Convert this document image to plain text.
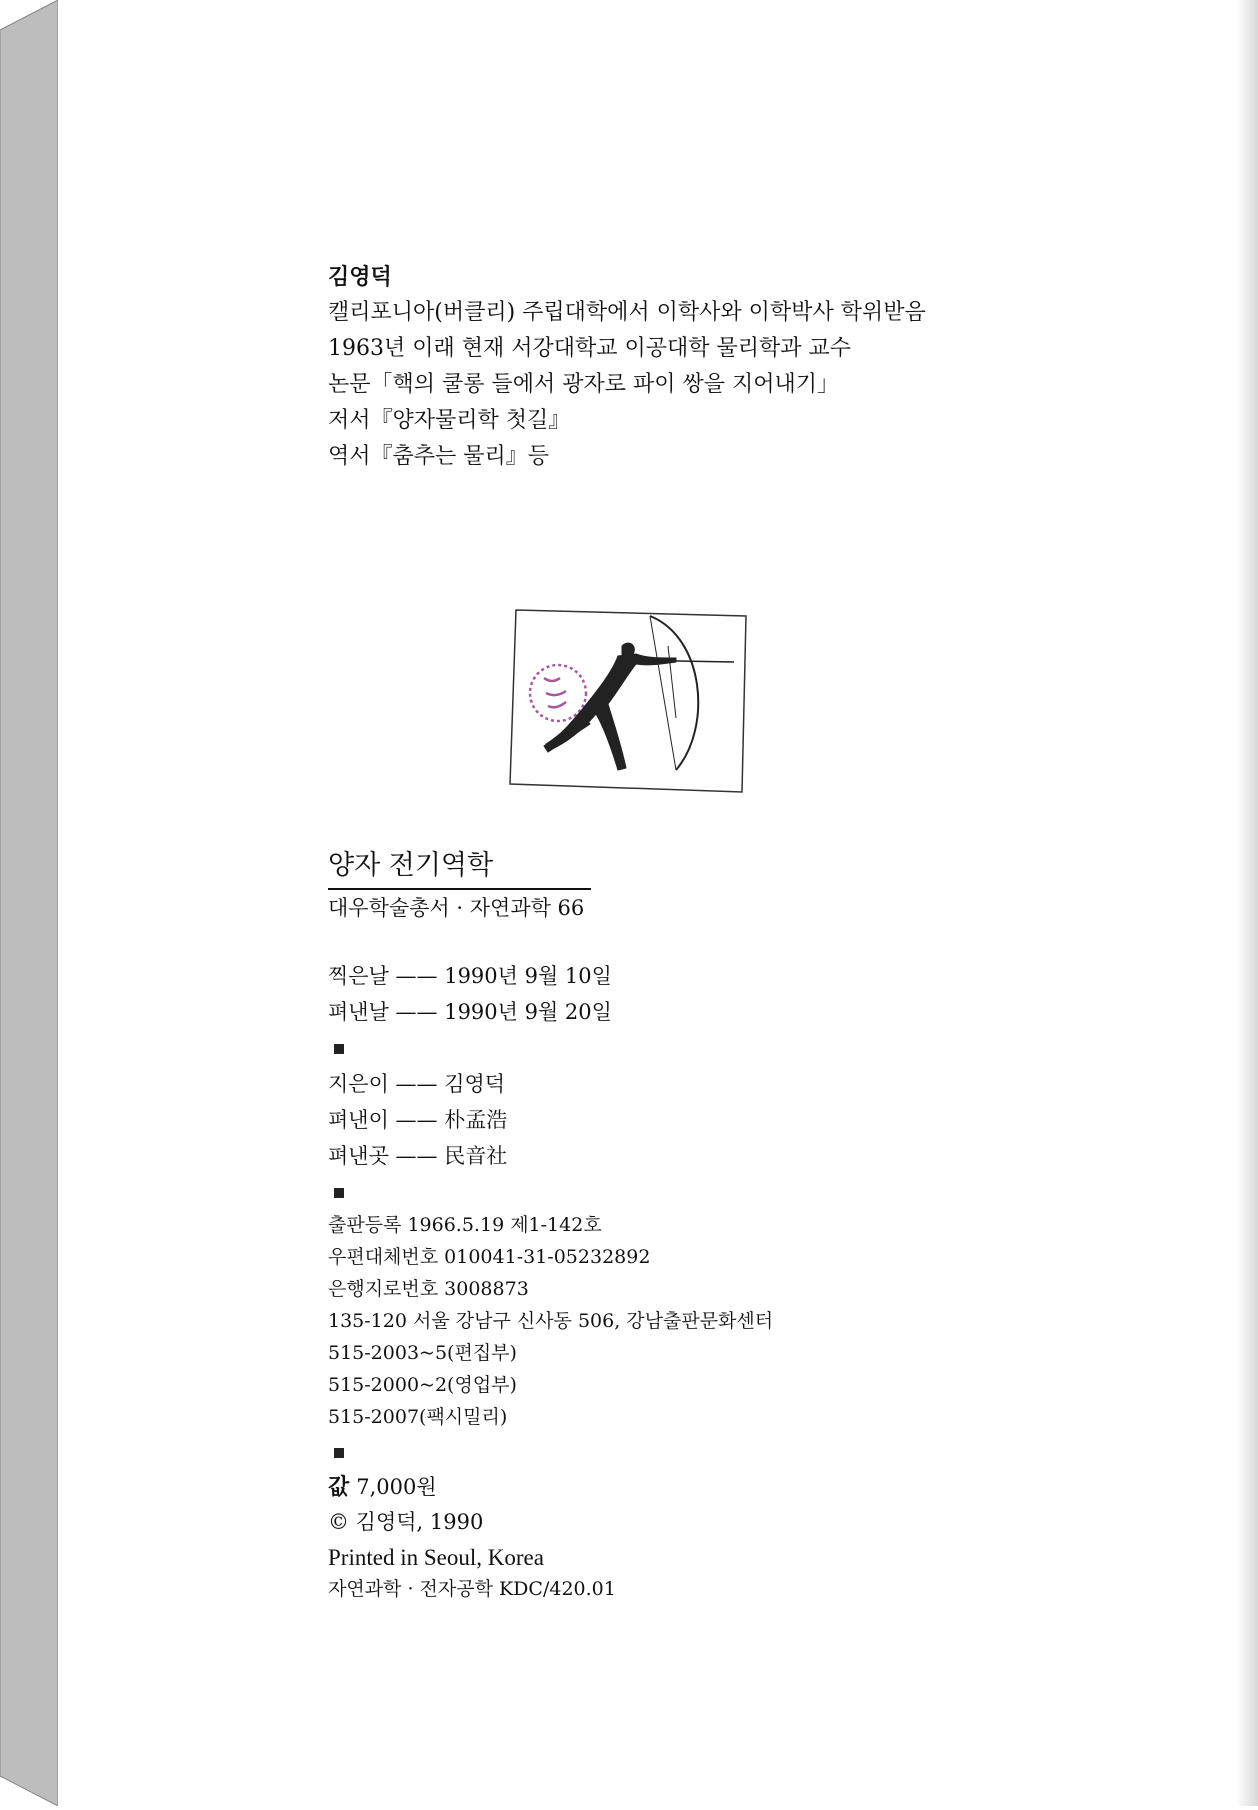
김영덕
캘리포니아(버클리) 주립대학에서 이학사와 이학박사 학위받음
1963년 이래 현재 서강대학교 이공대학 물리학과 교수
논문「핵의 쿨롱 들에서 광자로 파이 쌍을 지어내기」
저서『양자물리학 첫길』
역서『춤추는 물리』등
양자 전기역학
대우학술총서 · 자연과학 66
찍은날 —— 1990년 9월 10일
펴낸날 —— 1990년 9월 20일
지은이 —— 김영덕
펴낸이 —— 朴孟浩
펴낸곳 —— 民音社
출판등록 1966.5.19 제1-142호
우편대체번호 010041-31-05232892
은행지로번호 3008873
135-120 서울 강남구 신사동 506, 강남출판문화센터
515-2003~5(편집부)
515-2000~2(영업부)
515-2007(팩시밀리)
값 7,000원
© 김영덕, 1990
Printed in Seoul, Korea
자연과학 · 전자공학 KDC/420.01
